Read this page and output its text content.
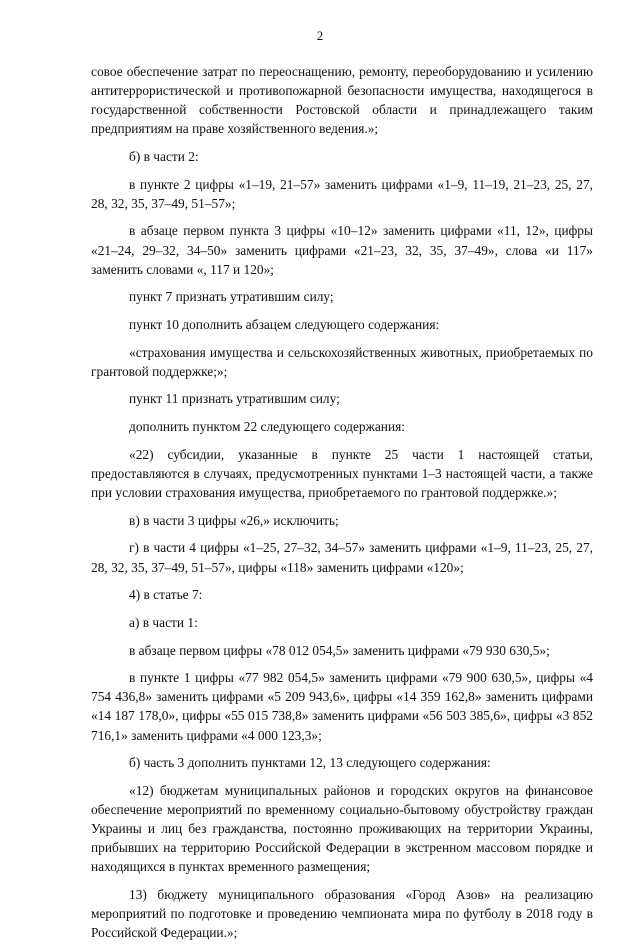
2

совое обеспечение затрат по переоснащению, ремонту, переоборудованию и усилению антитеррористической и противопожарной безопасности имущества, находящегося в государственной собственности Ростовской области и принадлежащего таким предприятиям на праве хозяйственного ведения.»;

б) в части 2:

в пункте 2 цифры «1–19, 21–57» заменить цифрами «1–9, 11–19, 21–23, 25, 27, 28, 32, 35, 37–49, 51–57»;

в абзаце первом пункта 3 цифры «10–12» заменить цифрами «11, 12», цифры «21–24, 29–32, 34–50» заменить цифрами «21–23, 32, 35, 37–49», слова «и 117» заменить словами «, 117 и 120»;

пункт 7 признать утратившим силу;

пункт 10 дополнить абзацем следующего содержания:

«страхования имущества и сельскохозяйственных животных, приобретаемых по грантовой поддержке;»;

пункт 11 признать утратившим силу;

дополнить пунктом 22 следующего содержания:

«22) субсидии, указанные в пункте 25 части 1 настоящей статьи, предоставляются в случаях, предусмотренных пунктами 1–3 настоящей части, а также при условии страхования имущества, приобретаемого по грантовой поддержке.»;

в) в части 3 цифры «26,» исключить;

г) в части 4 цифры «1–25, 27–32, 34–57» заменить цифрами «1–9, 11–23, 25, 27, 28, 32, 35, 37–49, 51–57», цифры «118» заменить цифрами «120»;

4) в статье 7:

а) в части 1:

в абзаце первом цифры «78 012 054,5» заменить цифрами «79 930 630,5»;

в пункте 1 цифры «77 982 054,5» заменить цифрами «79 900 630,5», цифры «4 754 436,8» заменить цифрами «5 209 943,6», цифры «14 359 162,8» заменить цифрами «14 187 178,0», цифры «55 015 738,8» заменить цифрами «56 503 385,6», цифры «3 852 716,1» заменить цифрами «4 000 123,3»;

б) часть 3 дополнить пунктами 12, 13 следующего содержания:

«12) бюджетам муниципальных районов и городских округов на финансовое обеспечение мероприятий по временному социально-бытовому обустройству граждан Украины и лиц без гражданства, постоянно проживающих на территории Украины, прибывших на территорию Российской Федерации в экстренном массовом порядке и находящихся в пунктах временного размещения;

13) бюджету муниципального образования «Город Азов» на реализацию мероприятий по подготовке и проведению чемпионата мира по футболу в 2018 году в Российской Федерации.»;
